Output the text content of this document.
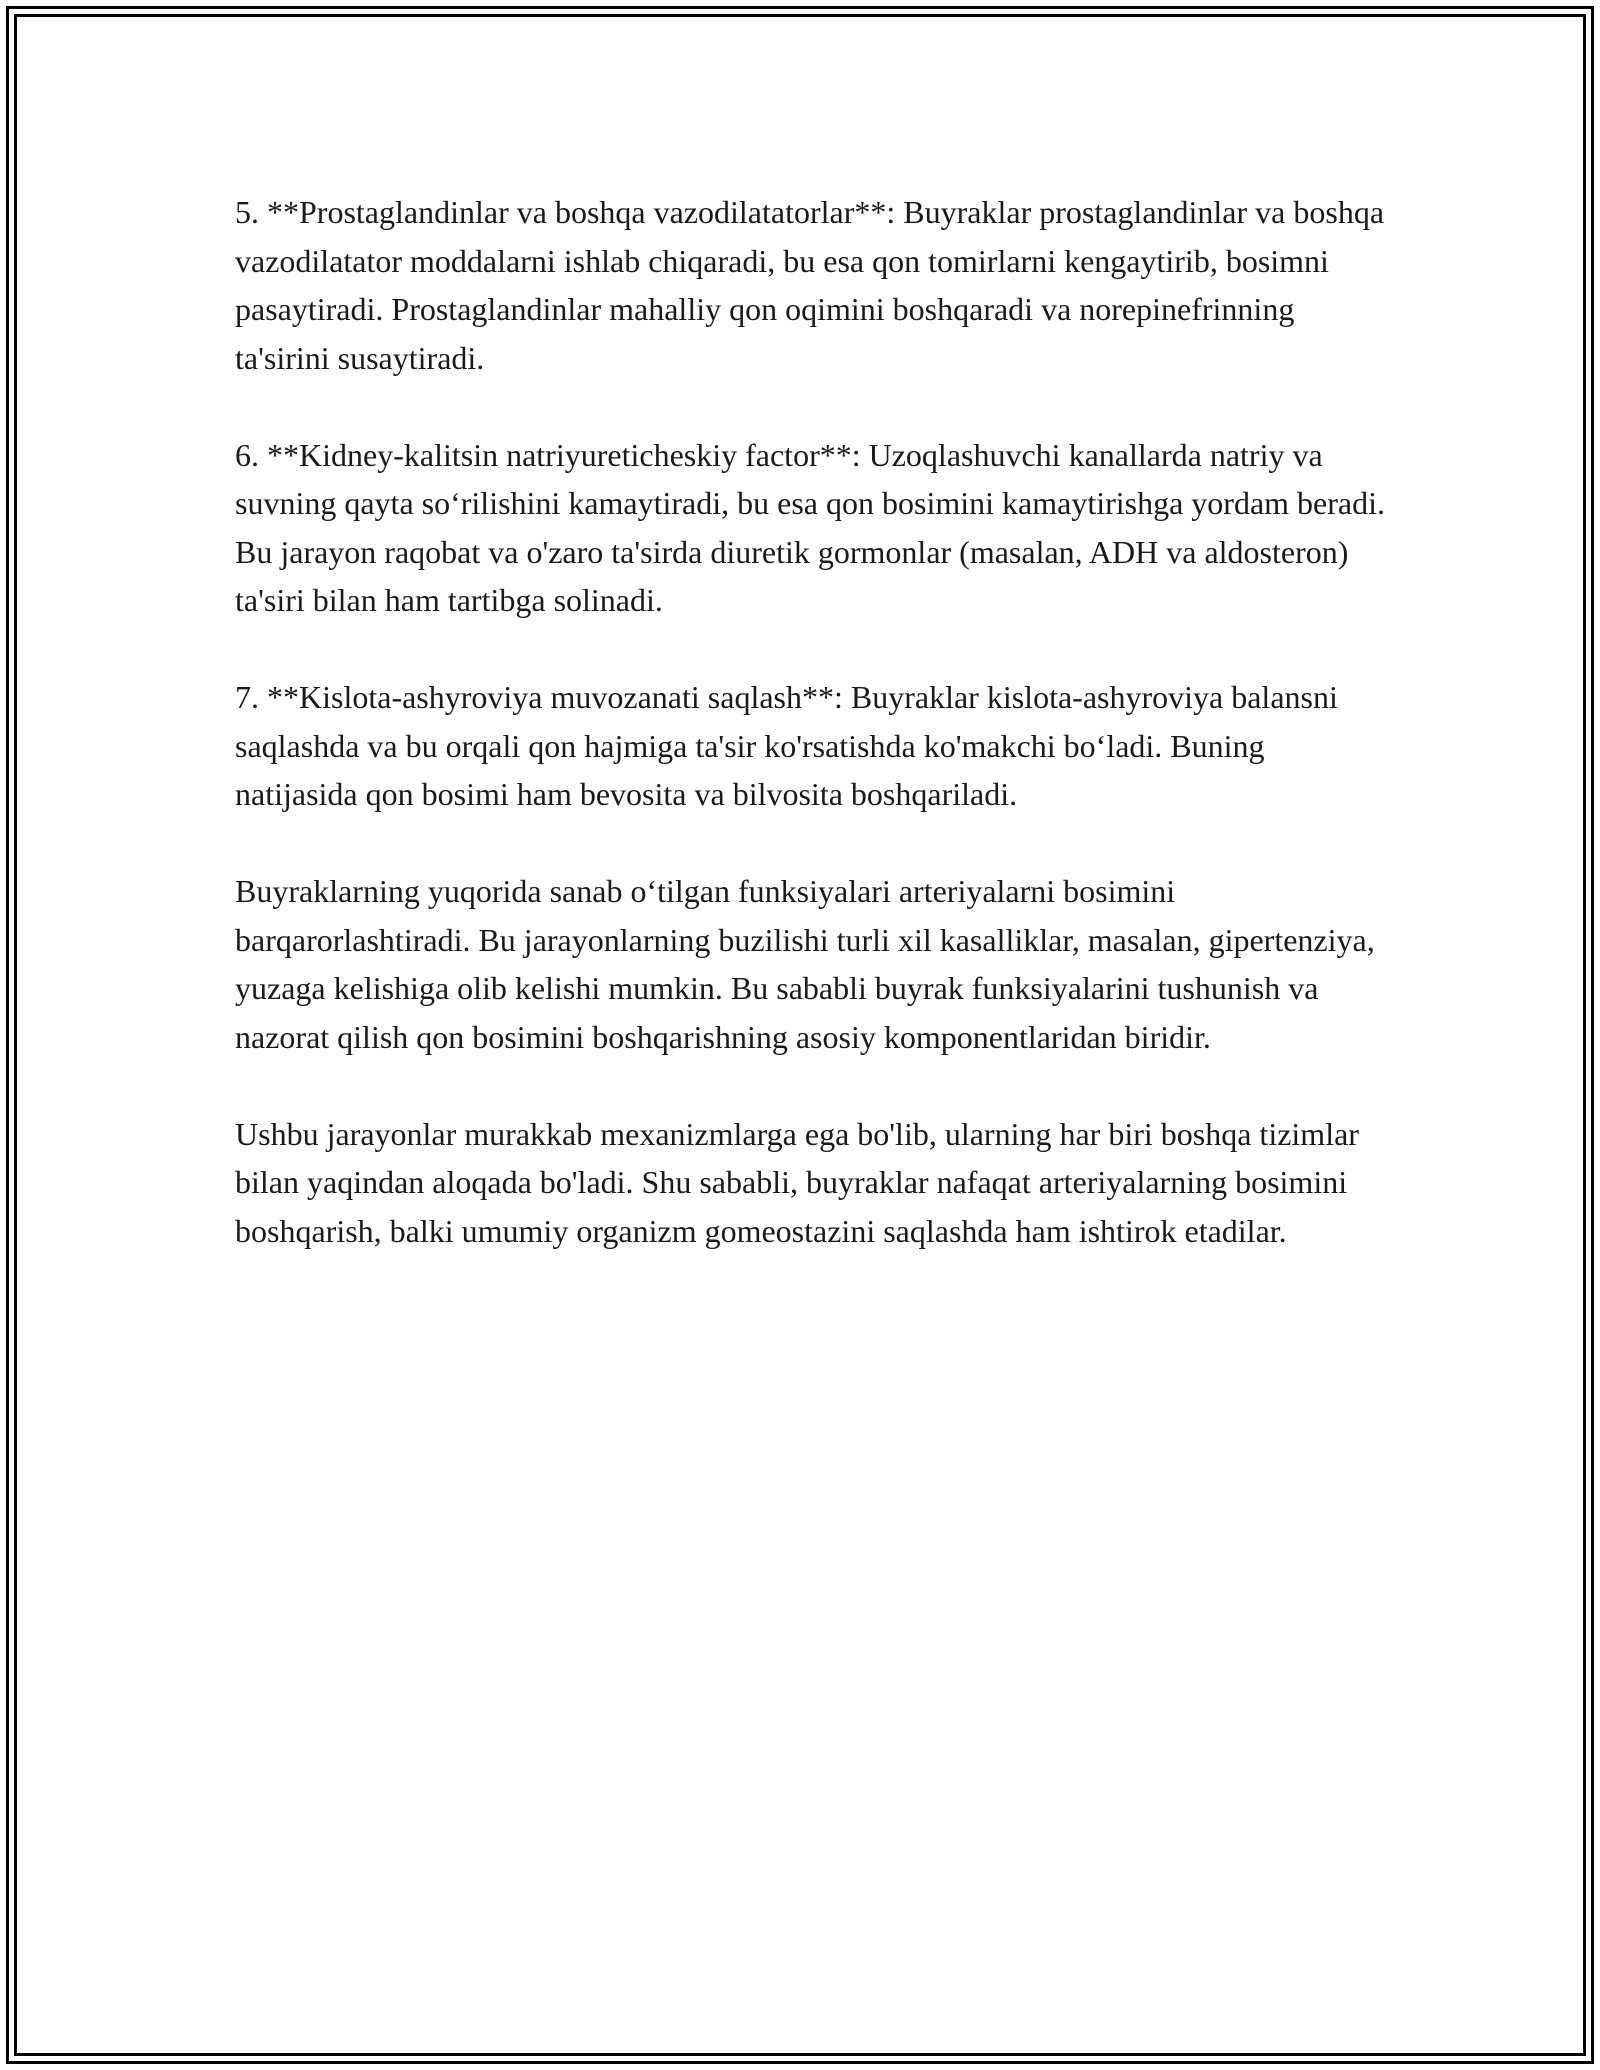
5. **Prostaglandinlar va boshqa vazodilatatorlar**: Buyraklar prostaglandinlar va boshqa vazodilatator moddalarni ishlab chiqaradi, bu esa qon tomirlarni kengaytirib, bosimni pasaytiradi. Prostaglandinlar mahalliy qon oqimini boshqaradi va norepinefrinning ta'sirini susaytiradi.

6. **Kidney-kalitsin natriyureticheskiy factor**: Uzoqlashuvchi kanallarda natriy va suvning qayta so‘rilishini kamaytiradi, bu esa qon bosimini kamaytirishga yordam beradi. Bu jarayon raqobat va o'zaro ta'sirda diuretik gormonlar (masalan, ADH va aldosteron) ta'siri bilan ham tartibga solinadi.

7. **Kislota-ashyroviya muvozanati saqlash**: Buyraklar kislota-ashyroviya balansni saqlashda va bu orqali qon hajmiga ta'sir ko'rsatishda ko'makchi bo‘ladi. Buning natijasida qon bosimi ham bevosita va bilvosita boshqariladi.

Buyraklarning yuqorida sanab o‘tilgan funksiyalari arteriyalarni bosimini barqarorlashtiradi. Bu jarayonlarning buzilishi turli xil kasalliklar, masalan, gipertenziya, yuzaga kelishiga olib kelishi mumkin. Bu sababli buyrak funksiyalarini tushunish va nazorat qilish qon bosimini boshqarishning asosiy komponentlaridan biridir.

Ushbu jarayonlar murakkab mexanizmlarga ega bo'lib, ularning har biri boshqa tizimlar bilan yaqindan aloqada bo'ladi. Shu sababli, buyraklar nafaqat arteriyalarning bosimini boshqarish, balki umumiy organizm gomeostazini saqlashda ham ishtirok etadilar.
